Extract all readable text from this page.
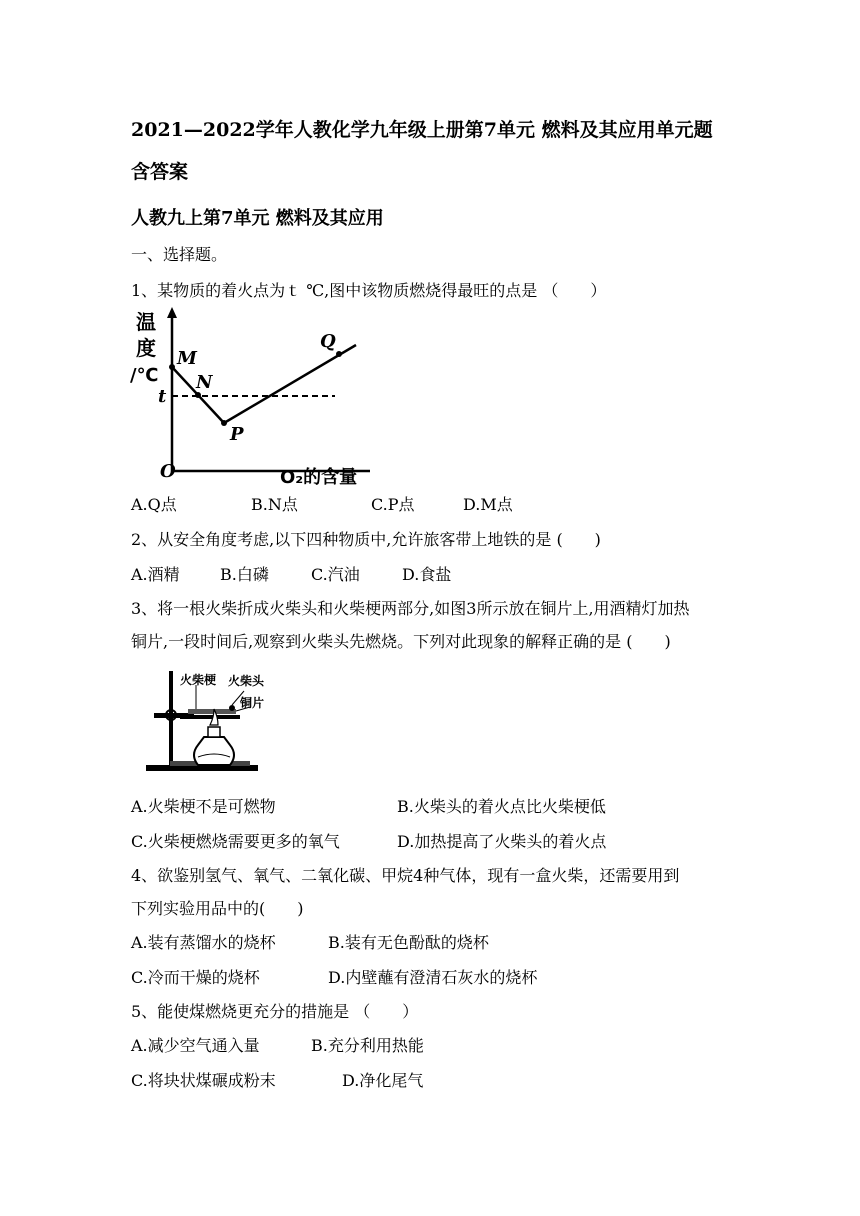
2021—2022学年人教化学九年级上册第7单元 燃料及其应用单元题
含答案
人教九上第7单元 燃料及其应用
一、选择题。
1、某物质的着火点为ｔ ℃,图中该物质燃烧得最旺的点是 （　　）
温
度
/℃
M
N
t
P
Q
O	O₂的含量
A.Q点	B.N点	C.P点	D.M点
2、从安全角度考虑,以下四种物质中,允许旅客带上地铁的是 (　　)
A.酒精	B.白磷	C.汽油	D.食盐
3、将一根火柴折成火柴头和火柴梗两部分,如图3所示放在铜片上,用酒精灯加热
铜片,一段时间后,观察到火柴头先燃烧。下列对此现象的解释正确的是 (　　)
火柴梗 火柴头
铜片
A.火柴梗不是可燃物	B.火柴头的着火点比火柴梗低
C.火柴梗燃烧需要更多的氧气	D.加热提高了火柴头的着火点
4、欲鉴别氢气、氧气、二氧化碳、甲烷4种气体，现有一盒火柴，还需要用到
下列实验用品中的(　　)
A.装有蒸馏水的烧杯	B.装有无色酚酞的烧杯
C.冷而干燥的烧杯	D.内壁蘸有澄清石灰水的烧杯
5、能使煤燃烧更充分的措施是 （　　）
A.减少空气通入量	B.充分利用热能
C.将块状煤碾成粉末	D.净化尾气
